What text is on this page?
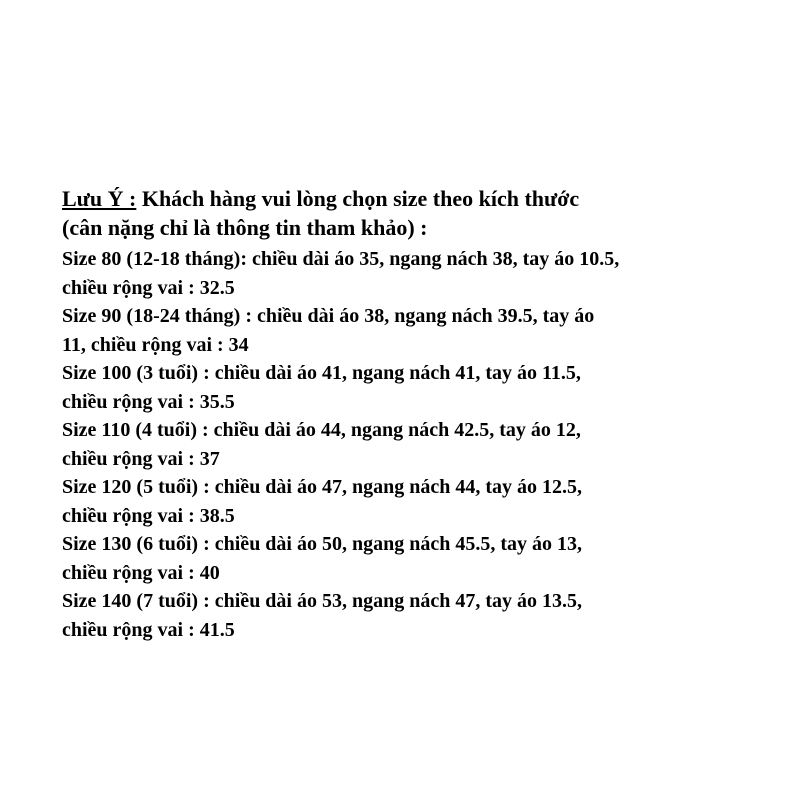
Lưu Ý : Khách hàng vui lòng chọn size theo kích thước
(cân nặng chỉ là thông tin tham khảo) :
Size 80 (12-18 tháng): chiều dài áo 35, ngang nách 38, tay áo 10.5,
chiều rộng vai : 32.5
Size 90 (18-24 tháng) : chiều dài áo 38, ngang nách 39.5, tay áo
11, chiều rộng vai : 34
Size 100 (3 tuổi) : chiều dài áo 41, ngang nách 41, tay áo 11.5,
chiều rộng vai : 35.5
Size 110 (4 tuổi) : chiều dài áo 44, ngang nách 42.5, tay áo 12,
chiều rộng vai : 37
Size 120 (5 tuổi) : chiều dài áo 47, ngang nách 44, tay áo 12.5,
chiều rộng vai : 38.5
Size 130 (6 tuổi) : chiều dài áo 50, ngang nách 45.5, tay áo 13,
chiều rộng vai : 40
Size 140 (7 tuổi) : chiều dài áo 53, ngang nách 47, tay áo 13.5,
chiều rộng vai : 41.5
